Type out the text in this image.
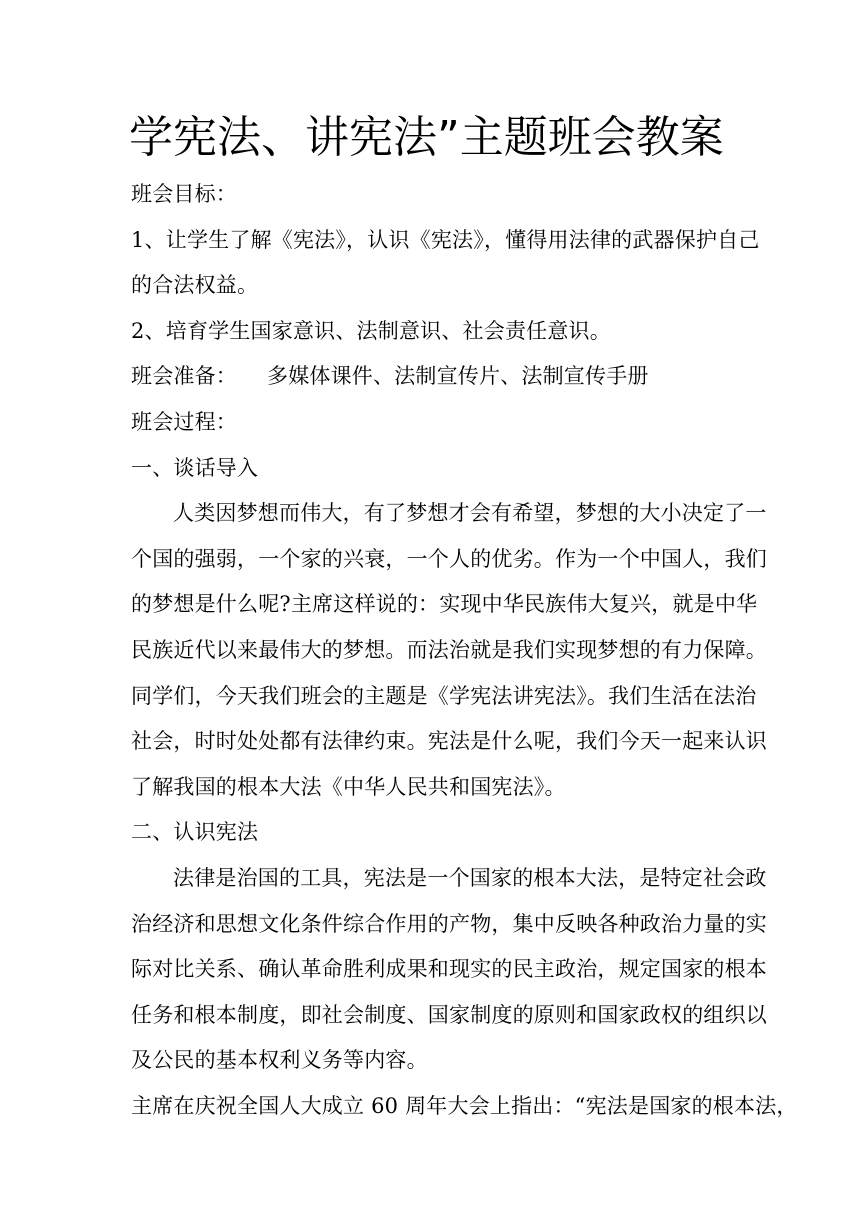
学宪法、讲宪法”主题班会教案
班会目标：
1、让学生了解《宪法》，认识《宪法》，懂得用法律的武器保护自己
的合法权益。
2、培育学生国家意识、法制意识、社会责任意识。
班会准备： 多媒体课件、法制宣传片、法制宣传手册
班会过程：
一、谈话导入
人类因梦想而伟大，有了梦想才会有希望，梦想的大小决定了一
个国的强弱，一个家的兴衰，一个人的优劣。作为一个中国人，我们
的梦想是什么呢?主席这样说的：实现中华民族伟大复兴，就是中华
民族近代以来最伟大的梦想。而法治就是我们实现梦想的有力保障。
同学们，今天我们班会的主题是《学宪法讲宪法》。我们生活在法治
社会，时时处处都有法律约束。宪法是什么呢，我们今天一起来认识
了解我国的根本大法《中华人民共和国宪法》。
二、认识宪法
法律是治国的工具，宪法是一个国家的根本大法，是特定社会政
治经济和思想文化条件综合作用的产物，集中反映各种政治力量的实
际对比关系、确认革命胜利成果和现实的民主政治，规定国家的根本
任务和根本制度，即社会制度、国家制度的原则和国家政权的组织以
及公民的基本权利义务等内容。
主席在庆祝全国人大成立 60 周年大会上指出：“宪法是国家的根本法，
